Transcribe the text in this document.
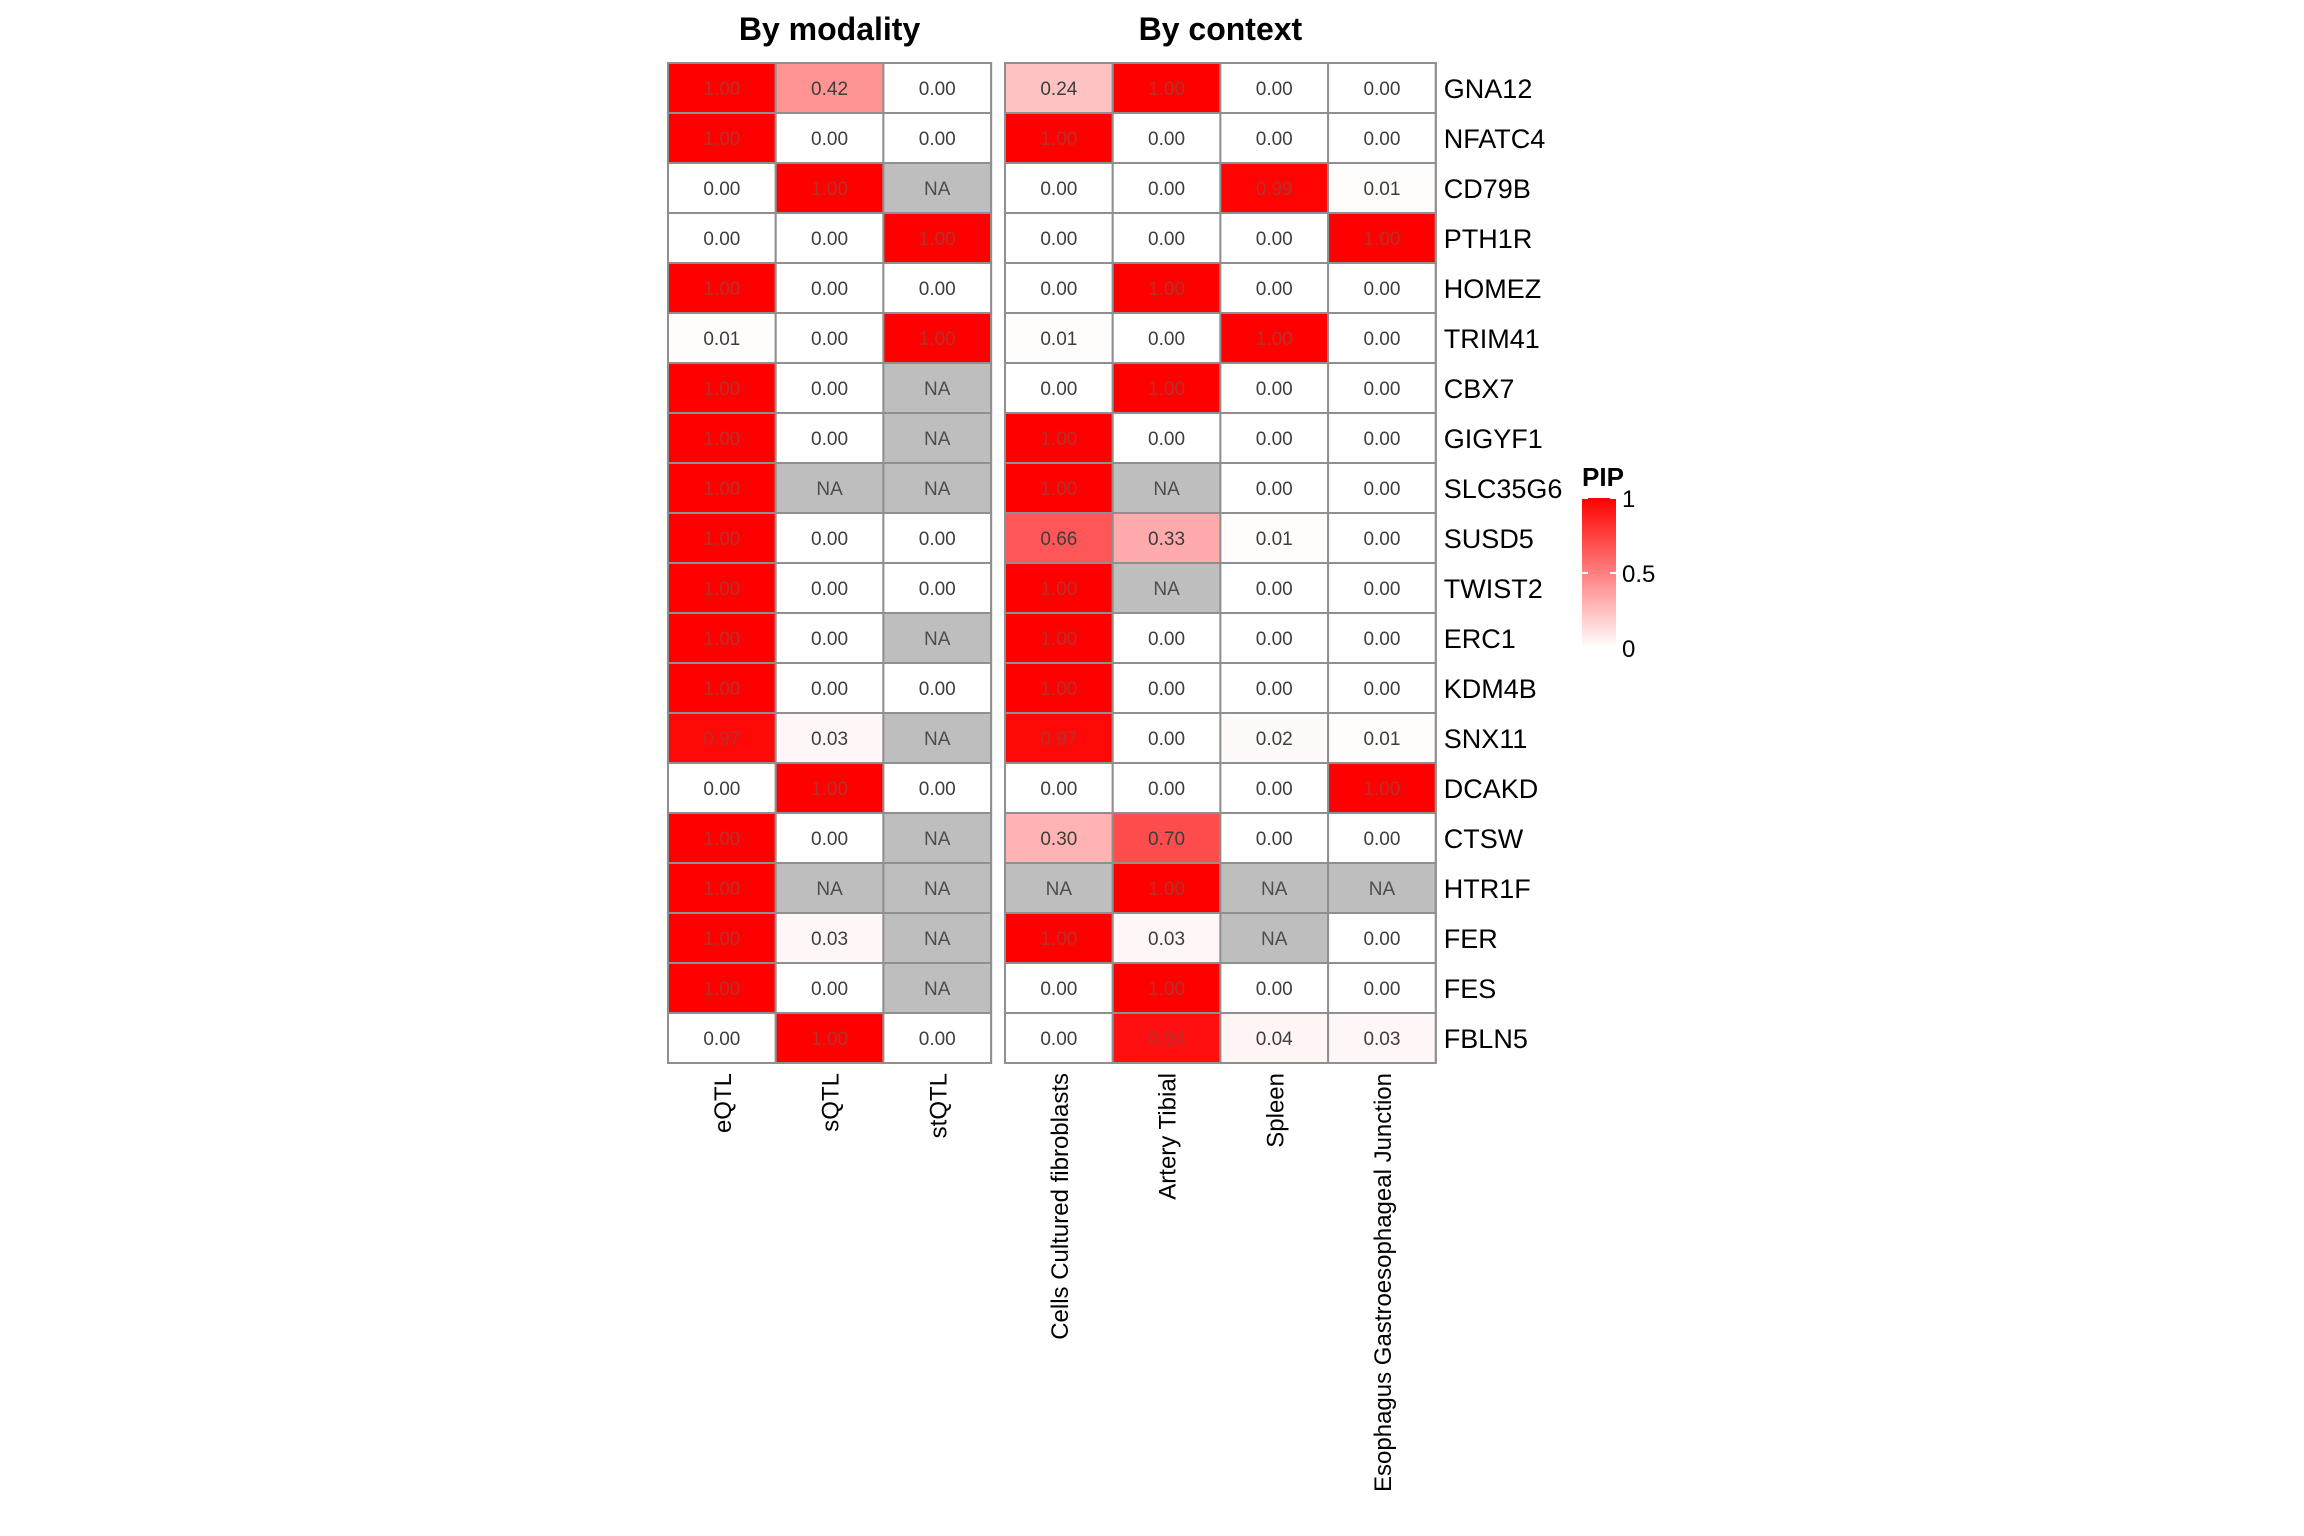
By modality
1.00	0.42	0.00
1.00	0.00	0.00
0.00	1.00	NA
0.00	0.00	1.00
1.00	0.00	0.00
0.01	0.00	1.00
1.00	0.00	NA
1.00	0.00	NA
1.00	NA	NA
1.00	0.00	0.00
1.00	0.00	0.00
1.00	0.00	NA
1.00	0.00	0.00
0.97	0.03	NA
0.00	1.00	0.00
1.00	0.00	NA
1.00	NA	NA
1.00	0.03	NA
1.00	0.00	NA
0.00	1.00	0.00
eQTL	sQTL	stQTL
By context
0.24	1.00	0.00	0.00
1.00	0.00	0.00	0.00
0.00	0.00	0.99	0.01
0.00	0.00	0.00	1.00
0.00	1.00	0.00	0.00
0.01	0.00	1.00	0.00
0.00	1.00	0.00	0.00
1.00	0.00	0.00	0.00
1.00	NA	0.00	0.00
0.66	0.33	0.01	0.00
1.00	NA	0.00	0.00
1.00	0.00	0.00	0.00
1.00	0.00	0.00	0.00
0.97	0.00	0.02	0.01
0.00	0.00	0.00	1.00
0.30	0.70	0.00	0.00
NA	1.00	NA	NA
1.00	0.03	NA	0.00
0.00	1.00	0.00	0.00
0.00	0.94	0.04	0.03
Cells Cultured fibroblasts	Artery Tibial	Spleen	Esophagus Gastroesophageal Junction
GNA12
NFATC4
CD79B
PTH1R
HOMEZ
TRIM41
CBX7
GIGYF1
SLC35G6
SUSD5
TWIST2
ERC1
KDM4B
SNX11
DCAKD
CTSW
HTR1F
FER
FES
FBLN5
PIP
1
0.5
0
